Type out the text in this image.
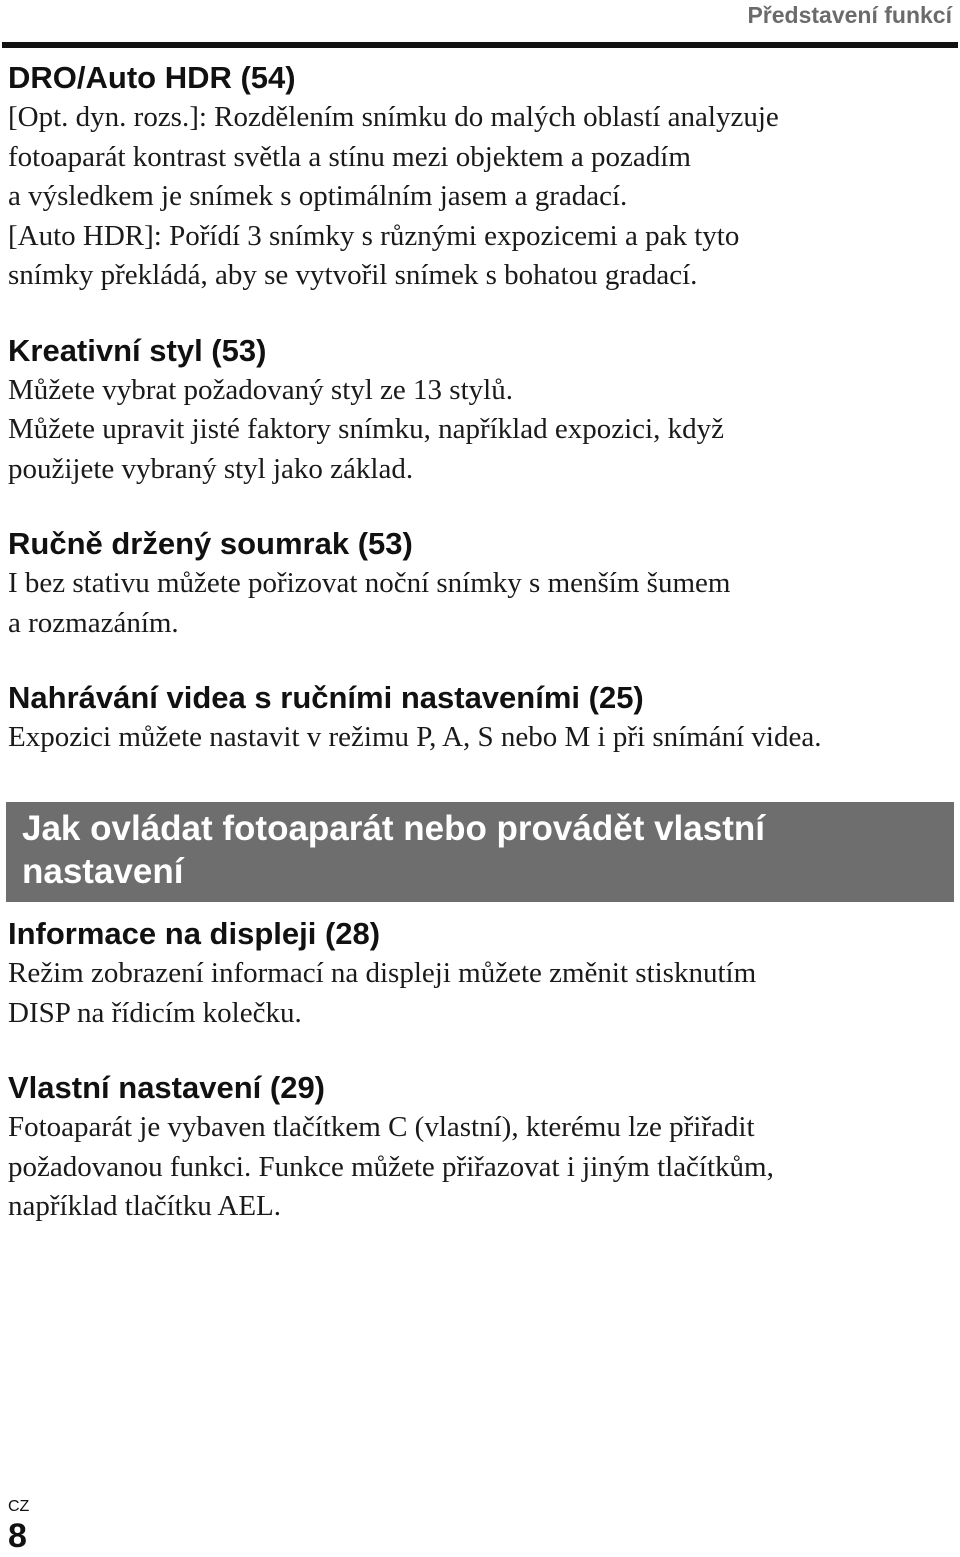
Představení funkcí
DRO/Auto HDR (54)

[Opt. dyn. rozs.]: Rozdělením snímku do malých oblastí analyzuje

fotoaparát kontrast světla a stínu mezi objektem a pozadím

a výsledkem je snímek s optimálním jasem a gradací.

[Auto HDR]: Pořídí 3 snímky s různými expozicemi a pak tyto

snímky překládá, aby se vytvořil snímek s bohatou gradací.

Kreativní styl (53)

Můžete vybrat požadovaný styl ze 13 stylů.

Můžete upravit jisté faktory snímku, například expozici, když

použijete vybraný styl jako základ.

Ručně držený soumrak (53)

I bez stativu můžete pořizovat noční snímky s menším šumem

a rozmazáním.

Nahrávání videa s ručními nastaveními (25)

Expozici můžete nastavit v režimu P, A, S nebo M i při snímání videa.

Jak ovládat fotoaparát nebo provádět vlastní

nastavení

Informace na displeji (28)

Režim zobrazení informací na displeji můžete změnit stisknutím

DISP na řídicím kolečku.

Vlastní nastavení (29)

Fotoaparát je vybaven tlačítkem C (vlastní), kterému lze přiřadit

požadovanou funkci. Funkce můžete přiřazovat i jiným tlačítkům,

například tlačítku AEL.

CZ
8
